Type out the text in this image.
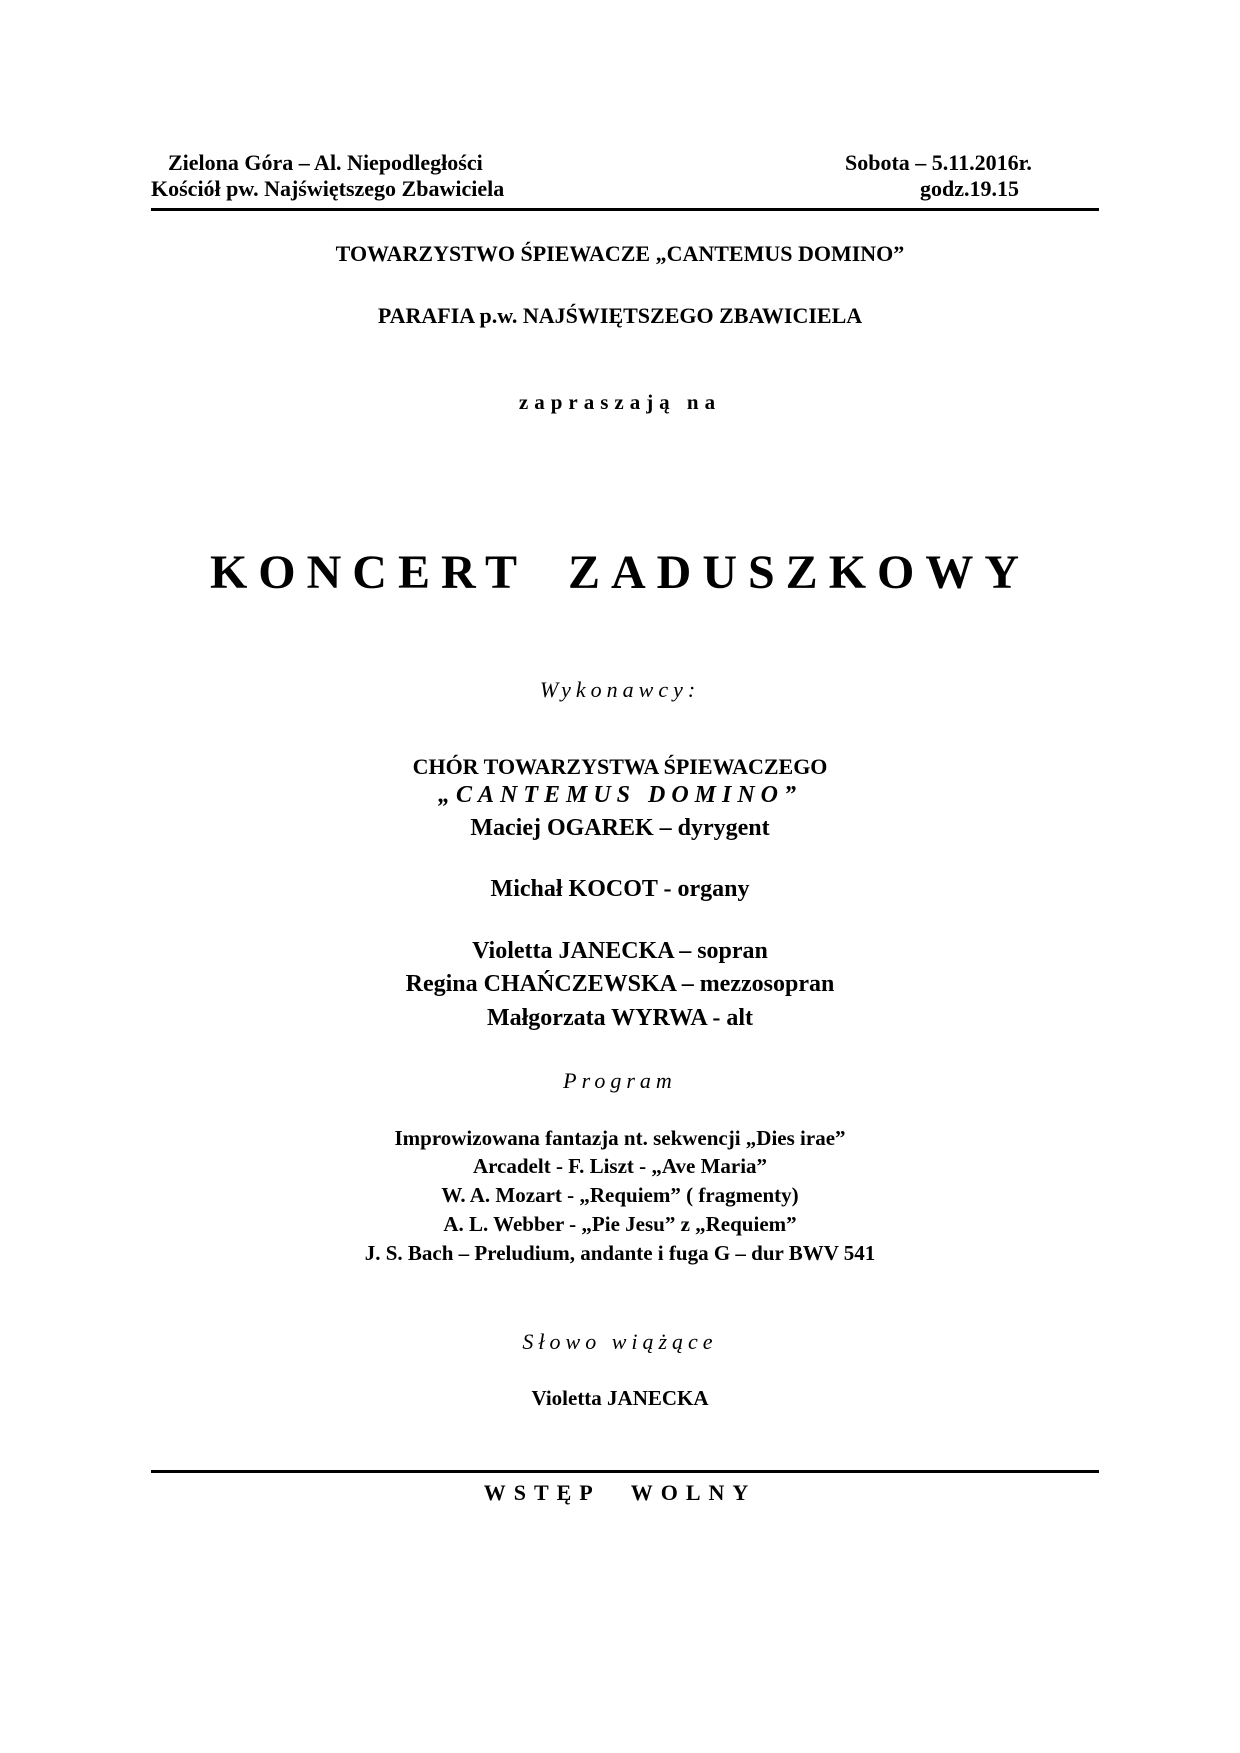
Zielona Góra – Al. Niepodległości
Kościół pw. Najświętszego Zbawiciela
Sobota – 5.11.2016r.
godz.19.15
TOWARZYSTWO ŚPIEWACZE „CANTEMUS DOMINO”
PARAFIA p.w. NAJŚWIĘTSZEGO ZBAWICIELA
zapraszają na
KONCERT ZADUSZKOWY
Wykonawcy:
CHÓR TOWARZYSTWA ŚPIEWACZEGO
„CANTEMUS DOMINO”
Maciej OGAREK – dyrygent
Michał KOCOT - organy
Violetta JANECKA – sopran
Regina CHAŃCZEWSKA – mezzosopran
Małgorzata WYRWA - alt
Program
Improwizowana fantazja nt. sekwencji „Dies irae”
Arcadelt - F. Liszt - „Ave Maria”
W. A. Mozart - „Requiem” ( fragmenty)
A. L. Webber - „Pie Jesu” z „Requiem”
J. S. Bach – Preludium, andante i fuga G – dur BWV 541
Słowo wiążące
Violetta JANECKA
WSTĘP WOLNY
